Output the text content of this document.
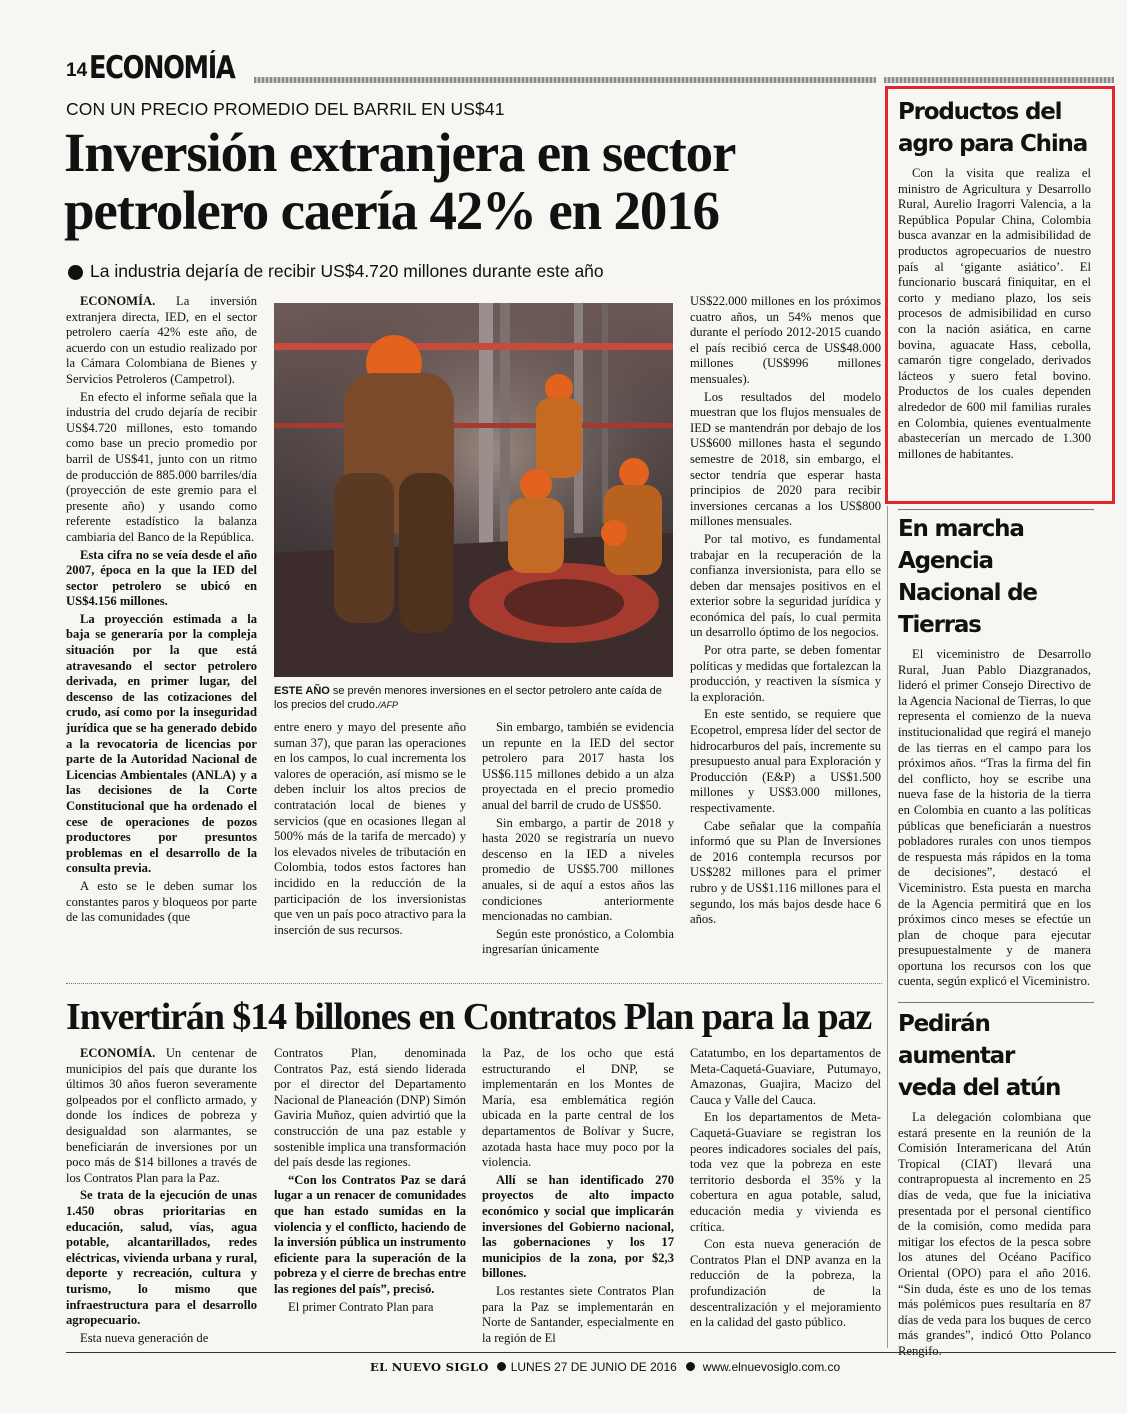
14 ECONOMÍA
CON UN PRECIO PROMEDIO DEL BARRIL EN US$41
Inversión extranjera en sector
petrolero caería 42% en 2016
La industria dejaría de recibir US$4.720 millones durante este año

ECONOMÍA. La inversión extranjera directa, IED, en el sector petrolero caería 42% este año, de acuerdo con un estudio realizado por la Cámara Colombiana de Bienes y Servicios Petroleros (Campetrol).

En efecto el informe señala que la industria del crudo dejaría de recibir US$4.720 millones, esto tomando como base un precio promedio por barril de US$41, junto con un ritmo de producción de 885.000 barriles/día (proyección de este gremio para el presente año) y usando como referente estadístico la balanza cambiaria del Banco de la República.

Esta cifra no se veía desde el año 2007, época en la que la IED del sector petrolero se ubicó en US$4.156 millones.

La proyección estimada a la baja se generaría por la compleja situación por la que está atravesando el sector petrolero derivada, en primer lugar, del descenso de las cotizaciones del crudo, así como por la inseguridad jurídica que se ha generado debido a la revocatoria de licencias por parte de la Autoridad Nacional de Licencias Ambientales (ANLA) y a las decisiones de la Corte Constitucional que ha ordenado el cese de operaciones de pozos productores por presuntos problemas en el desarrollo de la consulta previa.

A esto se le deben sumar los constantes paros y bloqueos por parte de las comunidades (que

ESTE AÑO se prevén menores inversiones en el sector petrolero ante caída de los precios del crudo./AFP

entre enero y mayo del presente año suman 37), que paran las operaciones en los campos, lo cual incrementa los valores de operación, así mismo se le deben incluir los altos precios de contratación local de bienes y servicios (que en ocasiones llegan al 500% más de la tarifa de mercado) y los elevados niveles de tributación en Colombia, todos estos factores han incidido en la reducción de la participación de los inversionistas que ven un país poco atractivo para la inserción de sus recursos.

Sin embargo, también se evidencia un repunte en la IED del sector petrolero para 2017 hasta los US$6.115 millones debido a un alza proyectada en el precio promedio anual del barril de crudo de US$50.

Sin embargo, a partir de 2018 y hasta 2020 se registraría un nuevo descenso en la IED a niveles promedio de US$5.700 millones anuales, si de aquí a estos años las condiciones anteriormente mencionadas no cambian.

Según este pronóstico, a Colombia ingresarían únicamente

US$22.000 millones en los próximos cuatro años, un 54% menos que durante el período 2012-2015 cuando el país recibió cerca de US$48.000 millones (US$996 millones mensuales).

Los resultados del modelo muestran que los flujos mensuales de IED se mantendrán por debajo de los US$600 millones hasta el segundo semestre de 2018, sin embargo, el sector tendría que esperar hasta principios de 2020 para recibir inversiones cercanas a los US$800 millones mensuales.

Por tal motivo, es fundamental trabajar en la recuperación de la confianza inversionista, para ello se deben dar mensajes positivos en el exterior sobre la seguridad jurídica y económica del país, lo cual permita un desarrollo óptimo de los negocios.

Por otra parte, se deben fomentar políticas y medidas que fortalezcan la producción, y reactiven la sísmica y la exploración.

En este sentido, se requiere que Ecopetrol, empresa líder del sector de hidrocarburos del país, incremente su presupuesto anual para Exploración y Producción (E&P) a US$1.500 millones y US$3.000 millones, respectivamente.

Cabe señalar que la compañía informó que su Plan de Inversiones de 2016 contempla recursos por US$282 millones para el primer rubro y de US$1.116 millones para el segundo, los más bajos desde hace 6 años.

Invertirán $14 billones en Contratos Plan para la paz

ECONOMÍA. Un centenar de municipios del país que durante los últimos 30 años fueron severamente golpeados por el conflicto armado, y donde los índices de pobreza y desigualdad son alarmantes, se beneficiarán de inversiones por un poco más de $14 billones a través de los Contratos Plan para la Paz.

Se trata de la ejecución de unas 1.450 obras prioritarias en educación, salud, vías, agua potable, alcantarillados, redes eléctricas, vivienda urbana y rural, deporte y recreación, cultura y turismo, lo mismo que infraestructura para el desarrollo agropecuario.

Esta nueva generación de

Contratos Plan, denominada Contratos Paz, está siendo liderada por el director del Departamento Nacional de Planeación (DNP) Simón Gaviria Muñoz, quien advirtió que la construcción de una paz estable y sostenible implica una transformación del país desde las regiones.

“Con los Contratos Paz se dará lugar a un renacer de comunidades que han estado sumidas en la violencia y el conflicto, haciendo de la inversión pública un instrumento eficiente para la superación de la pobreza y el cierre de brechas entre las regiones del país”, precisó.

El primer Contrato Plan para

la Paz, de los ocho que está estructurando el DNP, se implementarán en los Montes de María, esa emblemática región ubicada en la parte central de los departamentos de Bolívar y Sucre, azotada hasta hace muy poco por la violencia.

Allí se han identificado 270 proyectos de alto impacto económico y social que implicarán inversiones del Gobierno nacional, las gobernaciones y los 17 municipios de la zona, por $2,3 billones.

Los restantes siete Contratos Plan para la Paz se implementarán en Norte de Santander, especialmente en la región de El

Catatumbo, en los departamentos de Meta-Caquetá-Guaviare, Putumayo, Amazonas, Guajira, Macizo del Cauca y Valle del Cauca.

En los departamentos de Meta-Caquetá-Guaviare se registran los peores indicadores sociales del país, toda vez que la pobreza en este territorio desborda el 35% y la cobertura en agua potable, salud, educación media y vivienda es crítica.

Con esta nueva generación de Contratos Plan el DNP avanza en la reducción de la pobreza, la profundización de la descentralización y el mejoramiento en la calidad del gasto público.

Productos del
agro para China

Con la visita que realiza el ministro de Agricultura y Desarrollo Rural, Aurelio Iragorri Valencia, a la República Popular China, Colombia busca avanzar en la admisibilidad de productos agropecuarios de nuestro país al ‘gigante asiático’. El funcionario buscará finiquitar, en el corto y mediano plazo, los seis procesos de admisibilidad en curso con la nación asiática, en carne bovina, aguacate Hass, cebolla, camarón tigre congelado, derivados lácteos y suero fetal bovino. Productos de los cuales dependen alrededor de 600 mil familias rurales en Colombia, quienes eventualmente abastecerían un mercado de 1.300 millones de habitantes.

En marcha Agencia
Nacional de Tierras

El viceministro de Desarrollo Rural, Juan Pablo Diazgranados, lideró el primer Consejo Directivo de la Agencia Nacional de Tierras, lo que representa el comienzo de la nueva institucionalidad que regirá el manejo de las tierras en el campo para los próximos años. “Tras la firma del fin del conflicto, hoy se escribe una nueva fase de la historia de la tierra en Colombia en cuanto a las políticas públicas que beneficiarán a nuestros pobladores rurales con unos tiempos de respuesta más rápidos en la toma de decisiones”, destacó el Viceministro. Esta puesta en marcha de la Agencia permitirá que en los próximos cinco meses se efectúe un plan de choque para ejecutar presupuestalmente y de manera oportuna los recursos con los que cuenta, según explicó el Viceministro.

Pedirán aumentar
veda del atún

La delegación colombiana que estará presente en la reunión de la Comisión Interamericana del Atún Tropical (CIAT) llevará una contrapropuesta al incremento en 25 días de veda, que fue la iniciativa presentada por el personal científico de la comisión, como medida para mitigar los efectos de la pesca sobre los atunes del Océano Pacífico Oriental (OPO) para el año 2016. “Sin duda, éste es uno de los temas más polémicos pues resultaría en 87 días de veda para los buques de cerco más grandes”, indicó Otto Polanco Rengifo.

EL NUEVO SIGLO LUNES 27 DE JUNIO DE 2016 www.elnuevosiglo.com.co
